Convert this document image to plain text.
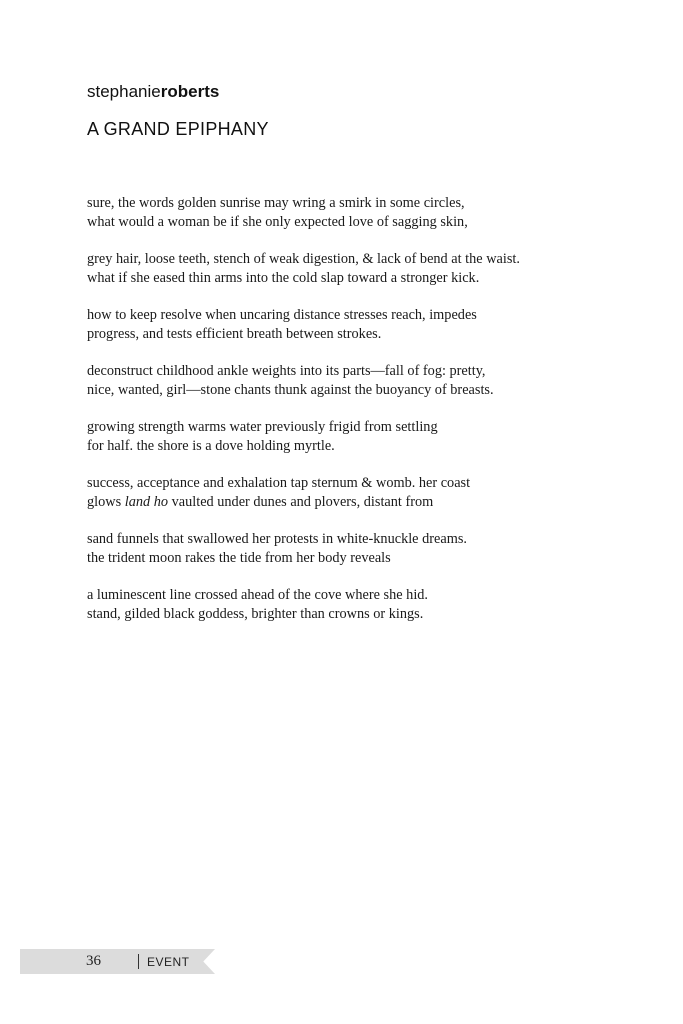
stephanieroberts
A GRAND EPIPHANY
sure, the words golden sunrise may wring a smirk in some circles,
what would a woman be if she only expected love of sagging skin,
grey hair, loose teeth, stench of weak digestion, & lack of bend at the waist.
what if she eased thin arms into the cold slap toward a stronger kick.
how to keep resolve when uncaring distance stresses reach, impedes
progress, and tests efficient breath between strokes.
deconstruct childhood ankle weights into its parts—fall of fog: pretty,
nice, wanted, girl—stone chants thunk against the buoyancy of breasts.
growing strength warms water previously frigid from settling
for half. the shore is a dove holding myrtle.
success, acceptance and exhalation tap sternum & womb. her coast
glows land ho vaulted under dunes and plovers, distant from
sand funnels that swallowed her protests in white-knuckle dreams.
the trident moon rakes the tide from her body reveals
a luminescent line crossed ahead of the cove where she hid.
stand, gilded black goddess, brighter than crowns or kings.
36	EVENT
